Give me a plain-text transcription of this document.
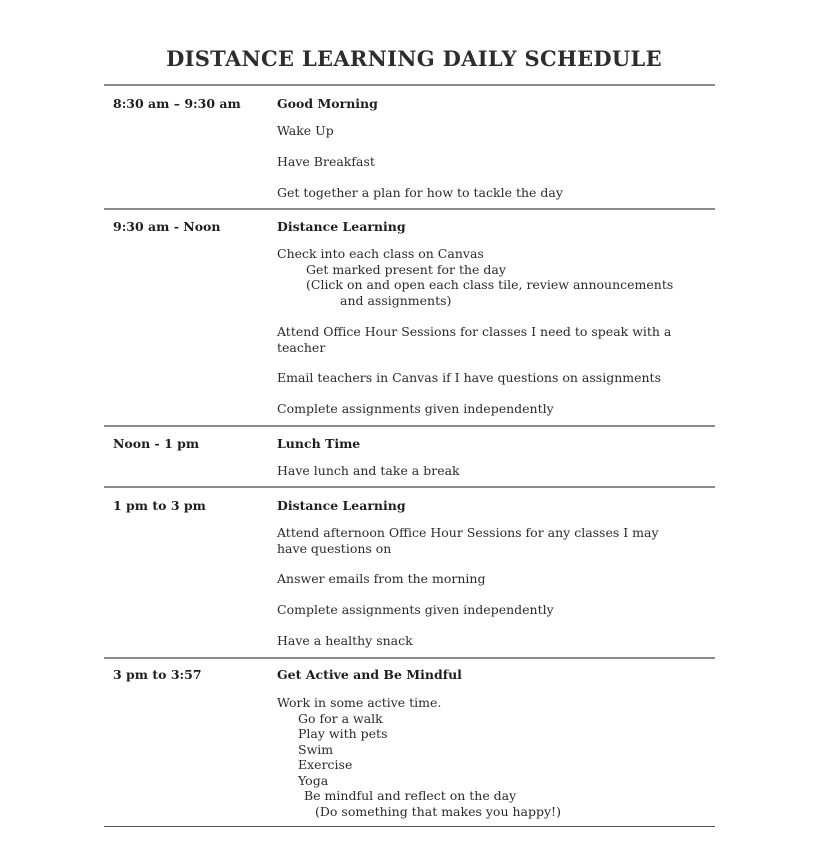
DISTANCE LEARNING DAILY SCHEDULE
8:30 am – 9:30 am	Good Morning
Wake Up
Have Breakfast
Get together a plan for how to tackle the day
9:30 am - Noon	Distance Learning
Check into each class on Canvas
Get marked present for the day
(Click on and open each class tile, review announcements
and assignments)
Attend Office Hour Sessions for classes I need to speak with a
teacher
Email teachers in Canvas if I have questions on assignments
Complete assignments given independently
Noon - 1 pm	Lunch Time
Have lunch and take a break
1 pm to 3 pm	Distance Learning
Attend afternoon Office Hour Sessions for any classes I may
have questions on
Answer emails from the morning
Complete assignments given independently
Have a healthy snack
3 pm to 3:57	Get Active and Be Mindful
Work in some active time.
Go for a walk
Play with pets
Swim
Exercise
Yoga
Be mindful and reflect on the day
(Do something that makes you happy!)
